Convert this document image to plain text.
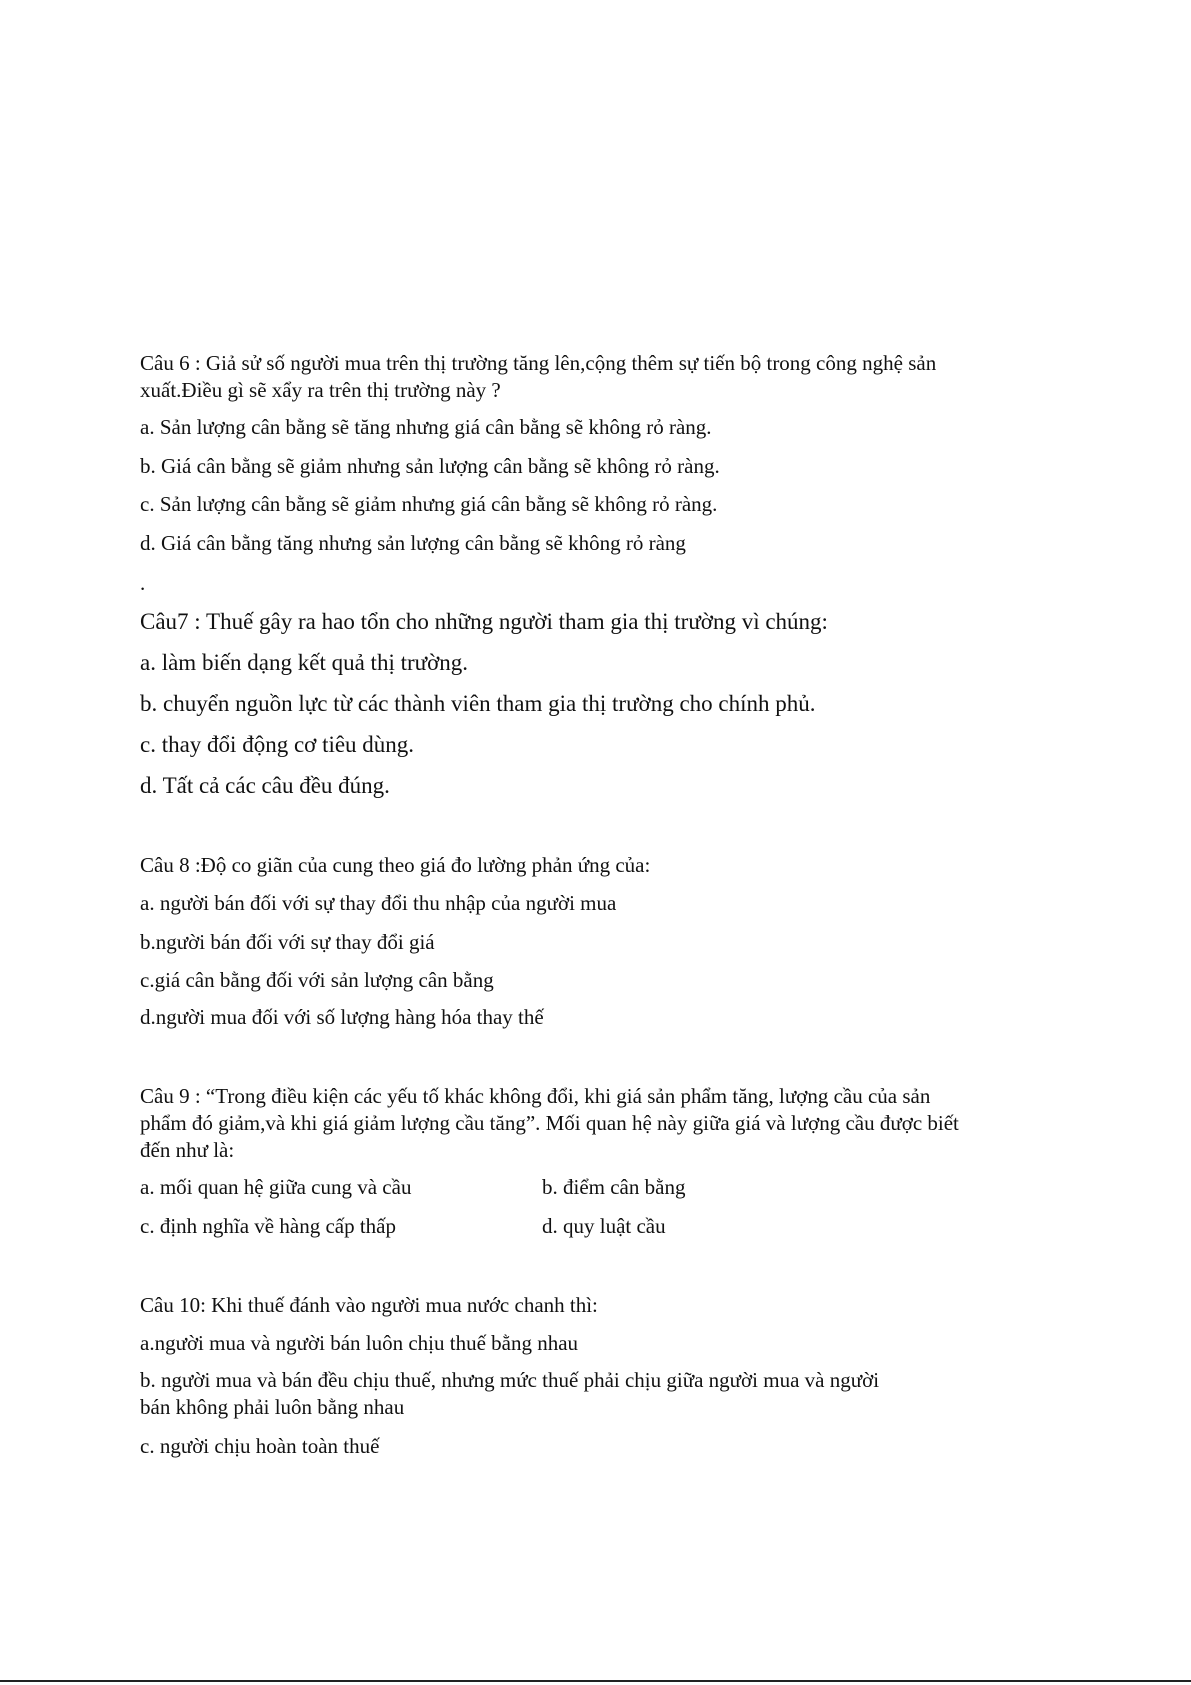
Câu 6 : Giả sử số người mua trên thị trường tăng lên,cộng thêm sự tiến bộ trong công nghệ sản
xuất.Điều gì sẽ xẩy ra trên thị trường này ?
a. Sản lượng cân bằng sẽ tăng nhưng giá cân bằng sẽ không rỏ ràng.
b. Giá cân bằng sẽ giảm nhưng sản lượng cân bằng sẽ không rỏ ràng.
c. Sản lượng cân bằng sẽ giảm nhưng giá cân bằng sẽ không rỏ ràng.
d. Giá cân bằng tăng nhưng sản lượng cân bằng sẽ không rỏ ràng
.
Câu7 : Thuế gây ra hao tổn cho những người tham gia thị trường vì chúng:
a. làm biến dạng kết quả thị trường.
b. chuyển nguồn lực từ các thành viên tham gia thị trường cho chính phủ.
c. thay đổi động cơ tiêu dùng.
d. Tất cả các câu đều đúng.
Câu 8 :Độ co giãn của cung theo giá đo lường phản ứng của:
a. người bán đối với sự thay đổi thu nhập của người mua
b.người bán đối với sự thay đổi giá
c.giá cân bằng đối với sản lượng cân bằng
d.người mua đối với số lượng hàng hóa thay thế
Câu 9 : “Trong điều kiện các yếu tố khác không đổi, khi giá sản phẩm tăng, lượng cầu của sản
phẩm đó giảm,và khi giá giảm lượng cầu tăng”. Mối quan hệ này giữa giá và lượng cầu được biết
đến như là:
a. mối quan hệ giữa cung và cầu	b. điểm cân bằng
c. định nghĩa về hàng cấp thấp	d. quy luật cầu
Câu 10: Khi thuế đánh vào người mua nước chanh thì:
a.người mua và người bán luôn chịu thuế bằng nhau
b. người mua và bán đều chịu thuế, nhưng mức thuế phải chịu giữa người mua và người
bán không phải luôn bằng nhau
c. người chịu hoàn toàn thuế
